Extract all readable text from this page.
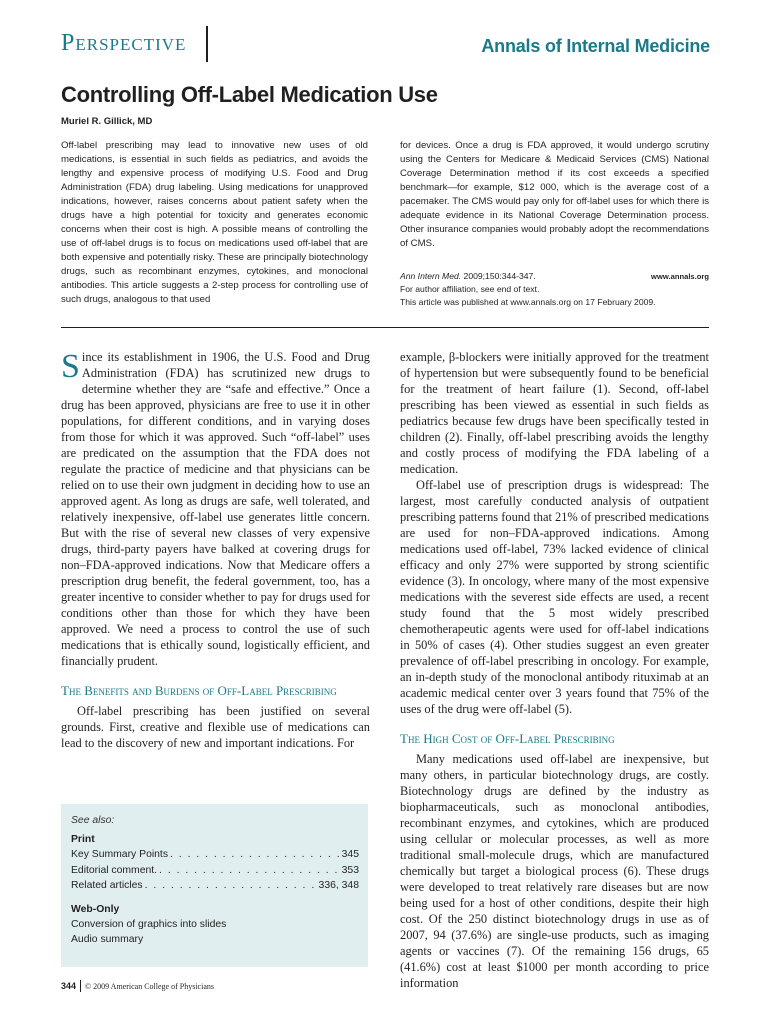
Perspective	Annals of Internal Medicine
Controlling Off-Label Medication Use
Muriel R. Gillick, MD

Off-label prescribing may lead to innovative new uses of old medications, is essential in such fields as pediatrics, and avoids the lengthy and expensive process of modifying U.S. Food and Drug Administration (FDA) drug labeling. Using medications for unapproved indications, however, raises concerns about patient safety when the drugs have a high potential for toxicity and generates economic concerns when their cost is high. A possible means of controlling the use of off-label drugs is to focus on medications used off-label that are both expensive and potentially risky. These are principally biotechnology drugs, such as recombinant enzymes, cytokines, and monoclonal antibodies. This article suggests a 2-step process for controlling use of such drugs, analogous to that used

for devices. Once a drug is FDA approved, it would undergo scrutiny using the Centers for Medicare & Medicaid Services (CMS) National Coverage Determination method if its cost exceeds a specified benchmark—for example, $12 000, which is the average cost of a pacemaker. The CMS would pay only for off-label uses for which there is adequate evidence in its National Coverage Determination process. Other insurance companies would probably adopt the recommendations of CMS.

Ann Intern Med. 2009;150:344-347.	www.annals.org
For author affiliation, see end of text.
This article was published at www.annals.org on 17 February 2009.

Since its establishment in 1906, the U.S. Food and Drug Administration (FDA) has scrutinized new drugs to determine whether they are “safe and effective.” Once a drug has been approved, physicians are free to use it in other populations, for different conditions, and in varying doses from those for which it was approved. Such “off-label” uses are predicated on the assumption that the FDA does not regulate the practice of medicine and that physicians can be relied on to use their own judgment in deciding how to use an approved agent. As long as drugs are safe, well tolerated, and relatively inexpensive, off-label use generates little concern. But with the rise of several new classes of very expensive drugs, third-party payers have balked at covering drugs for non–FDA-approved indications. Now that Medicare offers a prescription drug benefit, the federal government, too, has a greater incentive to consider whether to pay for drugs used for conditions other than those for which they have been approved. We need a process to control the use of such medications that is ethically sound, logistically efficient, and financially prudent.

The Benefits and Burdens of Off-Label Prescribing

Off-label prescribing has been justified on several grounds. First, creative and flexible use of medications can lead to the discovery of new and important indications. For

See also:
Print
Key Summary Points . . .	345
Editorial comment. . . .	353
Related articles . . .	336, 348
Web-Only
Conversion of graphics into slides
Audio summary

example, β-blockers were initially approved for the treatment of hypertension but were subsequently found to be beneficial for the treatment of heart failure (1). Second, off-label prescribing has been viewed as essential in such fields as pediatrics because few drugs have been specifically tested in children (2). Finally, off-label prescribing avoids the lengthy and costly process of modifying the FDA labeling of a medication.

Off-label use of prescription drugs is widespread: The largest, most carefully conducted analysis of outpatient prescribing patterns found that 21% of prescribed medications are used for non–FDA-approved indications. Among medications used off-label, 73% lacked evidence of clinical efficacy and only 27% were supported by strong scientific evidence (3). In oncology, where many of the most expensive medications with the severest side effects are used, a recent study found that the 5 most widely prescribed chemotherapeutic agents were used for off-label indications in 50% of cases (4). Other studies suggest an even greater prevalence of off-label prescribing in oncology. For example, an in-depth study of the monoclonal antibody rituximab at an academic medical center over 3 years found that 75% of the uses of the drug were off-label (5).

The High Cost of Off-Label Prescribing

Many medications used off-label are inexpensive, but many others, in particular biotechnology drugs, are costly. Biotechnology drugs are defined by the industry as biopharmaceuticals, such as monoclonal antibodies, recombinant enzymes, and cytokines, which are produced using cellular or molecular processes, as well as more traditional small-molecule drugs, which are manufactured chemically but target a biological process (6). These drugs were developed to treat relatively rare diseases but are now being used for a host of other conditions, despite their high cost. Of the 250 distinct biotechnology drugs in use as of 2007, 94 (37.6%) are single-use products, such as imaging agents or vaccines (7). Of the remaining 156 drugs, 65 (41.6%) cost at least $1000 per month according to price information

344 © 2009 American College of Physicians
